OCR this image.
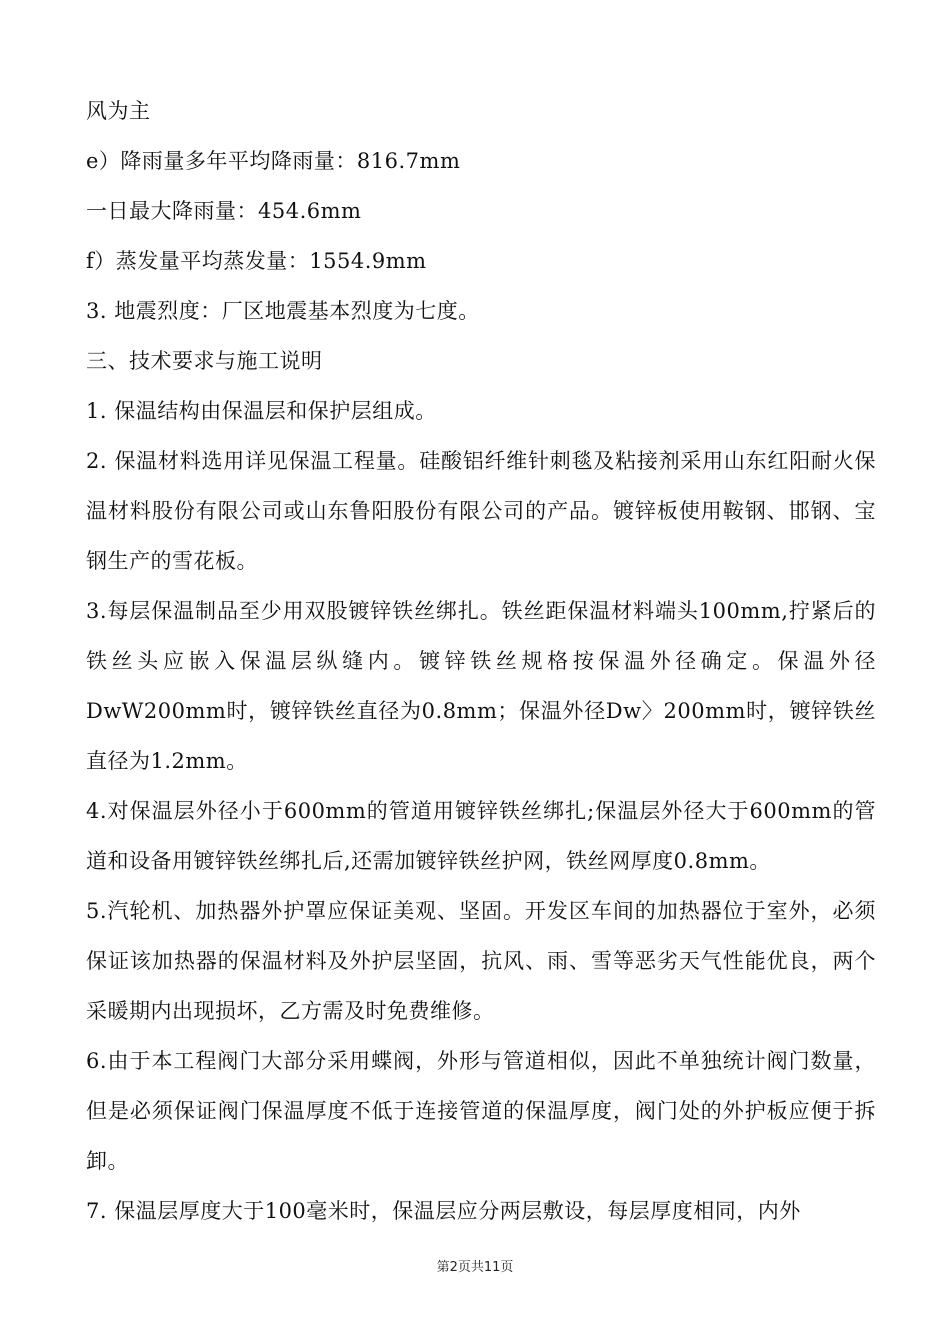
风为主

e）降雨量多年平均降雨量：816.7mm

一日最大降雨量：454.6mm

f）蒸发量平均蒸发量：1554.9mm

3. 地震烈度：厂区地震基本烈度为七度。

三、技术要求与施工说明

1. 保温结构由保温层和保护层组成。

2. 保温材料选用详见保温工程量。硅酸铝纤维针刺毯及粘接剂采用山东红阳耐火保温材料股份有限公司或山东鲁阳股份有限公司的产品。镀锌板使用鞍钢、邯钢、宝钢生产的雪花板。

3.每层保温制品至少用双股镀锌铁丝绑扎。铁丝距保温材料端头100mm,拧紧后的铁丝头应嵌入保温层纵缝内。镀锌铁丝规格按保温外径确定。保温外径DwW200mm时，镀锌铁丝直径为0.8mm；保温外径Dw〉200mm时，镀锌铁丝直径为1.2mm。

4.对保温层外径小于600mm的管道用镀锌铁丝绑扎;保温层外径大于600mm的管道和设备用镀锌铁丝绑扎后,还需加镀锌铁丝护网，铁丝网厚度0.8mm。

5.汽轮机、加热器外护罩应保证美观、坚固。开发区车间的加热器位于室外，必须保证该加热器的保温材料及外护层坚固，抗风、雨、雪等恶劣天气性能优良，两个采暖期内出现损坏，乙方需及时免费维修。

6.由于本工程阀门大部分采用蝶阀，外形与管道相似，因此不单独统计阀门数量，但是必须保证阀门保温厚度不低于连接管道的保温厚度，阀门处的外护板应便于拆卸。

7. 保温层厚度大于100毫米时，保温层应分两层敷设，每层厚度相同，内外

第2页共11页
